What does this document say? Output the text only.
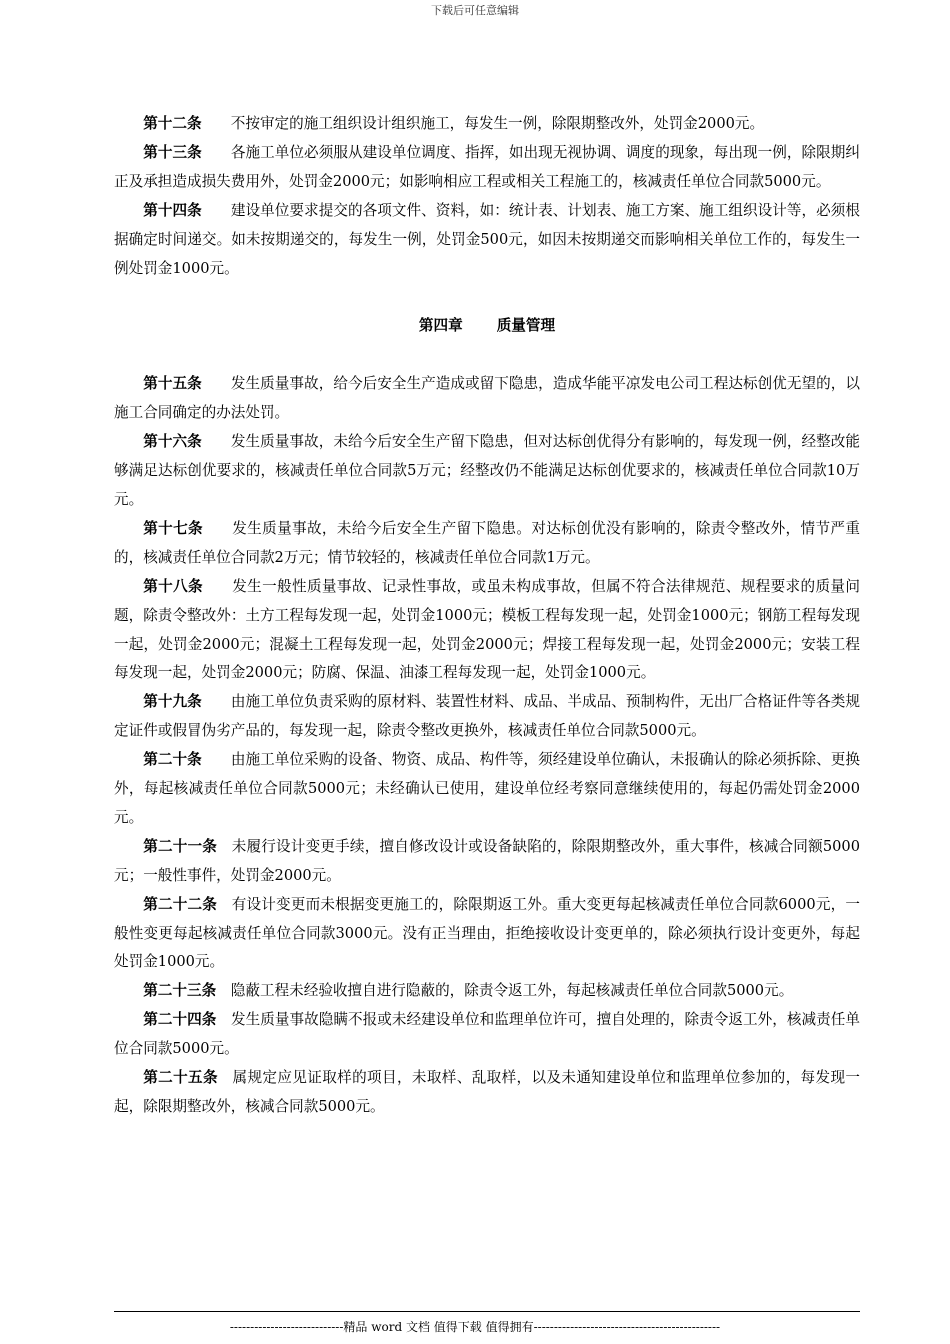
下载后可任意编辑

第十二条 不按审定的施工组织设计组织施工，每发生一例，除限期整改外，处罚金2000元。

第十三条 各施工单位必须服从建设单位调度、指挥，如出现无视协调、调度的现象，每出现一例，除限期纠正及承担造成损失费用外，处罚金2000元；如影响相应工程或相关工程施工的，核减责任单位合同款5000元。

第十四条 建设单位要求提交的各项文件、资料，如：统计表、计划表、施工方案、施工组织设计等，必须根据确定时间递交。如未按期递交的，每发生一例，处罚金500元，如因未按期递交而影响相关单位工作的，每发生一例处罚金1000元。

第四章 质量管理

第十五条 发生质量事故，给今后安全生产造成或留下隐患，造成华能平凉发电公司工程达标创优无望的，以施工合同确定的办法处罚。

第十六条 发生质量事故，未给今后安全生产留下隐患，但对达标创优得分有影响的，每发现一例，经整改能够满足达标创优要求的，核减责任单位合同款5万元；经整改仍不能满足达标创优要求的，核减责任单位合同款10万元。

第十七条 发生质量事故，未给今后安全生产留下隐患。对达标创优没有影响的，除责令整改外，情节严重的，核减责任单位合同款2万元；情节较轻的，核减责任单位合同款1万元。

第十八条 发生一般性质量事故、记录性事故，或虽未构成事故，但属不符合法律规范、规程要求的质量问题，除责令整改外：土方工程每发现一起，处罚金1000元；模板工程每发现一起，处罚金1000元；钢筋工程每发现一起，处罚金2000元；混凝土工程每发现一起，处罚金2000元；焊接工程每发现一起，处罚金2000元；安装工程每发现一起，处罚金2000元；防腐、保温、油漆工程每发现一起，处罚金1000元。

第十九条 由施工单位负责采购的原材料、装置性材料、成品、半成品、预制构件，无出厂合格证件等各类规定证件或假冒伪劣产品的，每发现一起，除责令整改更换外，核减责任单位合同款5000元。

第二十条 由施工单位采购的设备、物资、成品、构件等，须经建设单位确认，未报确认的除必须拆除、更换外，每起核减责任单位合同款5000元；未经确认已使用，建设单位经考察同意继续使用的，每起仍需处罚金2000元。

第二十一条 未履行设计变更手续，擅自修改设计或设备缺陷的，除限期整改外，重大事件，核减合同额5000元；一般性事件，处罚金2000元。

第二十二条 有设计变更而未根据变更施工的，除限期返工外。重大变更每起核减责任单位合同款6000元，一般性变更每起核减责任单位合同款3000元。没有正当理由，拒绝接收设计变更单的，除必须执行设计变更外，每起处罚金1000元。

第二十三条 隐蔽工程未经验收擅自进行隐蔽的，除责令返工外，每起核减责任单位合同款5000元。

第二十四条 发生质量事故隐瞒不报或未经建设单位和监理单位许可，擅自处理的，除责令返工外，核减责任单位合同款5000元。

第二十五条 属规定应见证取样的项目，未取样、乱取样，以及未通知建设单位和监理单位参加的，每发现一起，除限期整改外，核减合同款5000元。

----------------------------精品 word 文档 值得下载 值得拥有----------------------------------------------
